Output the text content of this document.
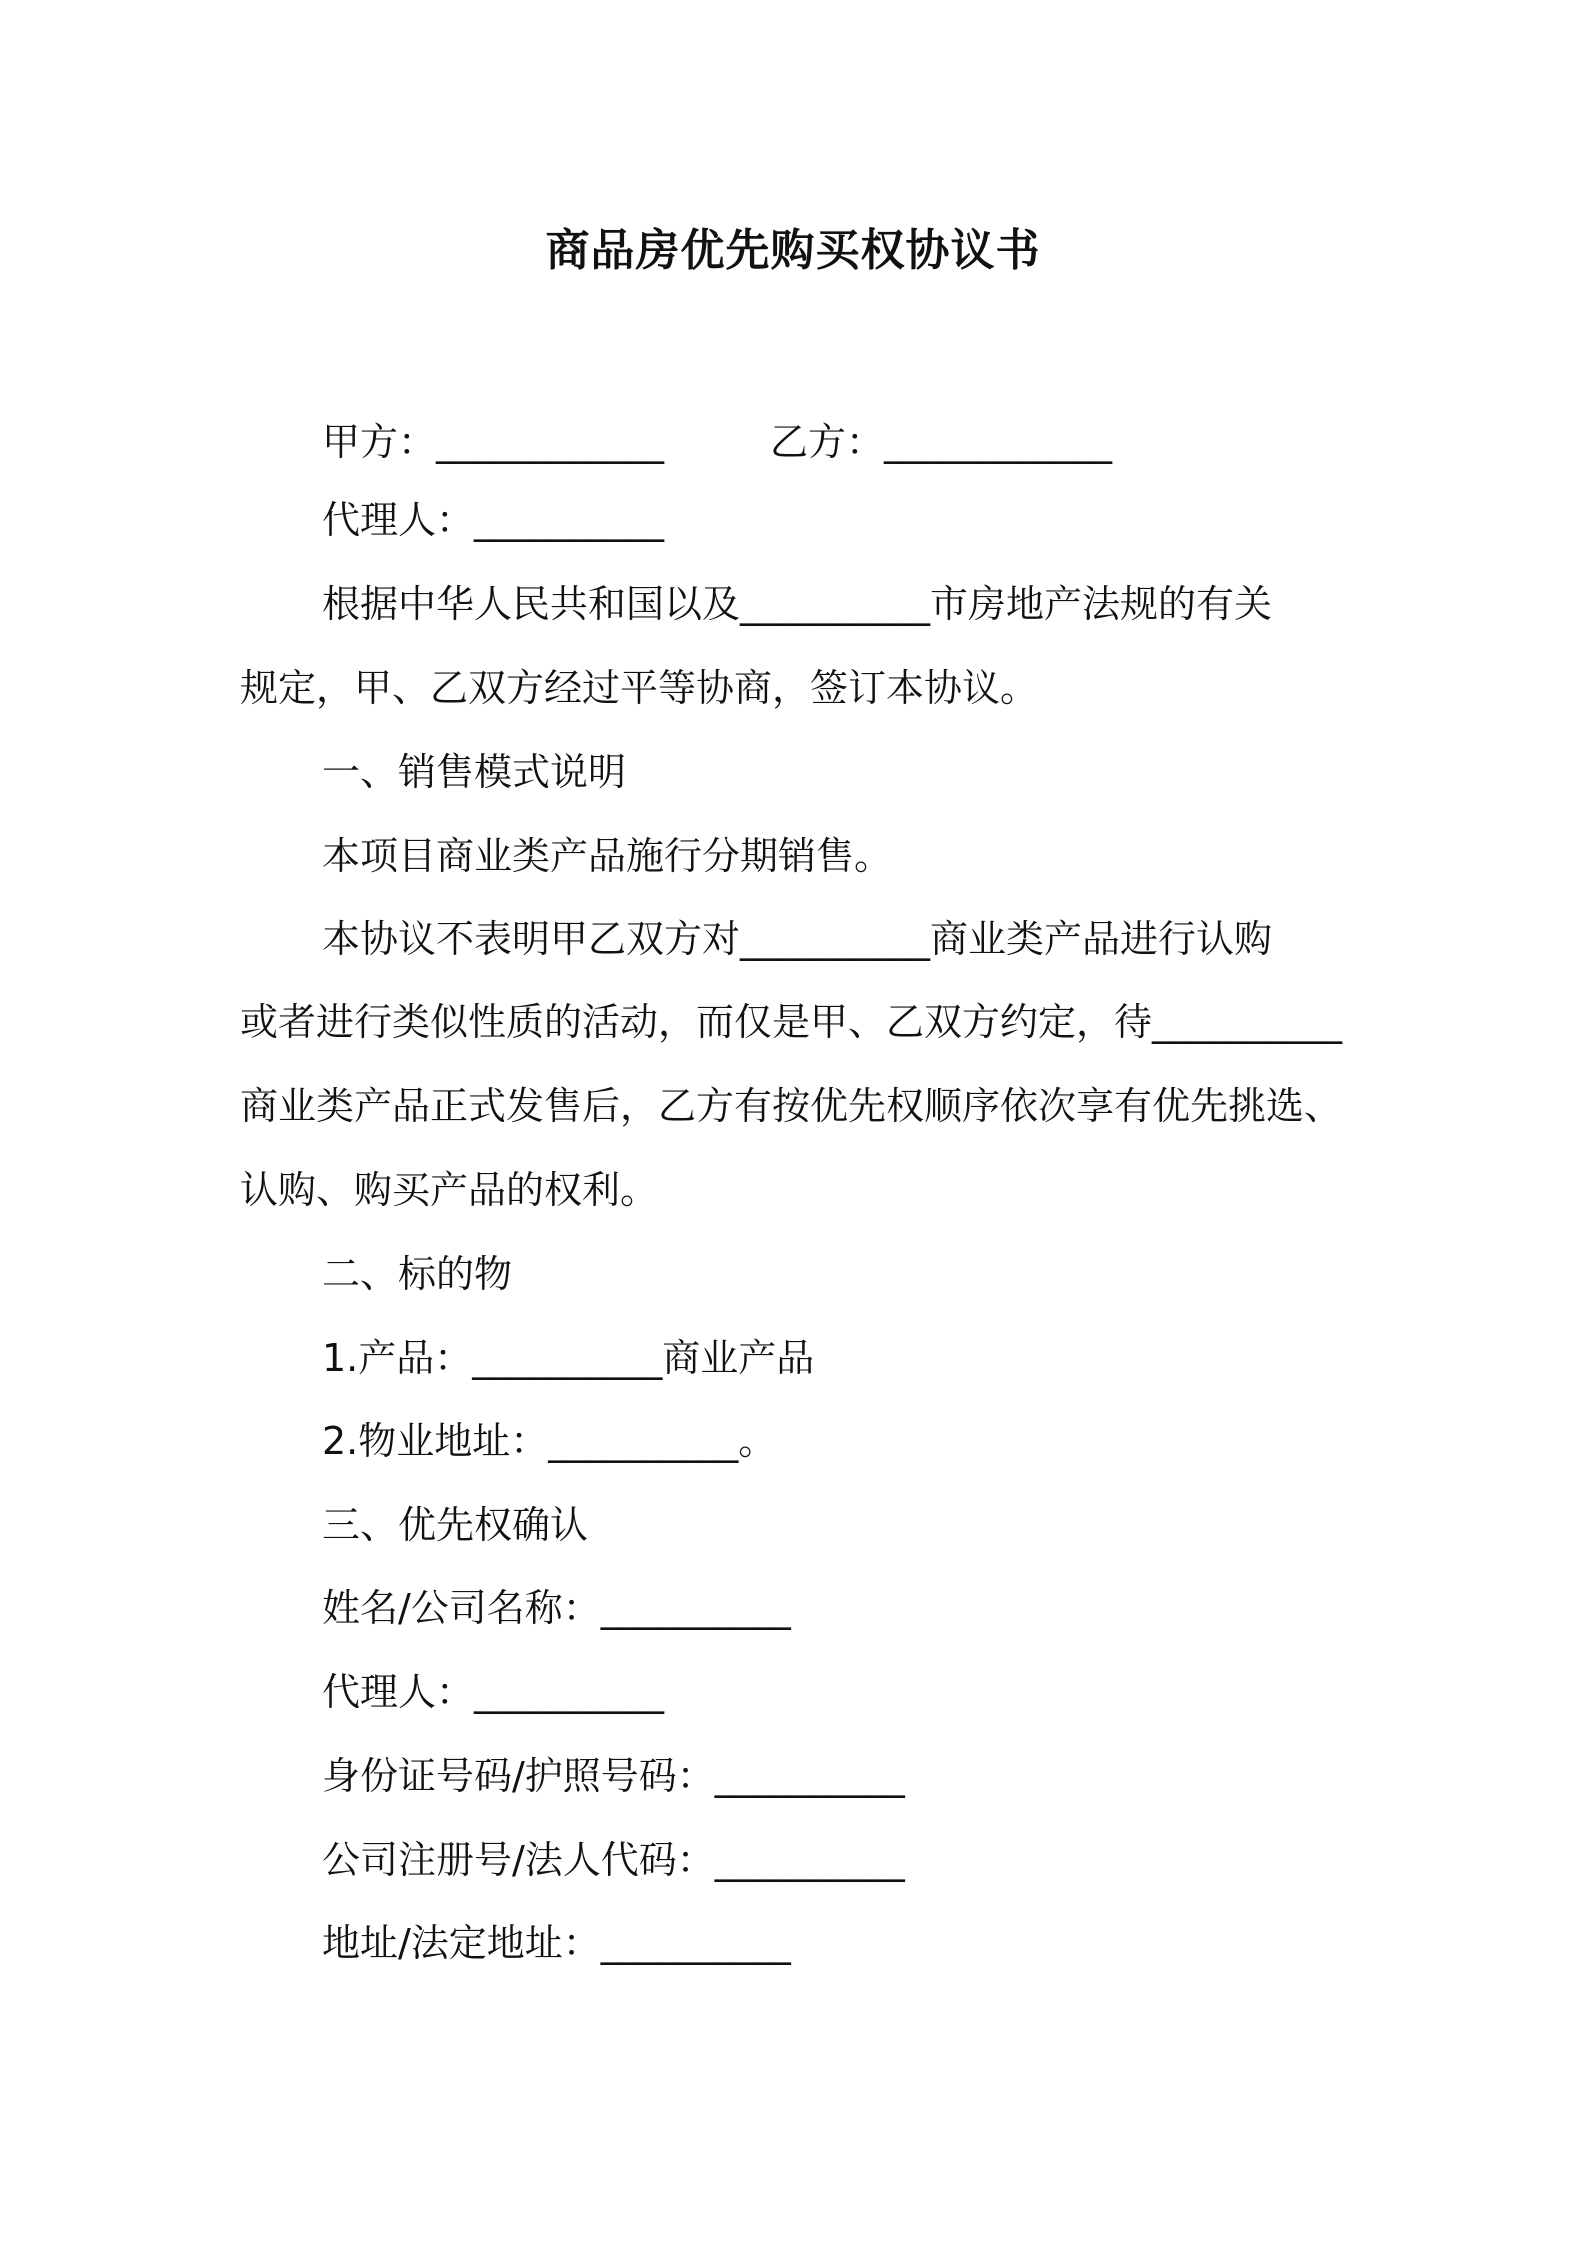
商品房优先购买权协议书
甲方：____________	乙方：____________
代理人：__________
根据中华人民共和国以及__________市房地产法规的有关
规定，甲、乙双方经过平等协商，签订本协议。
一、销售模式说明
本项目商业类产品施行分期销售。
本协议不表明甲乙双方对__________商业类产品进行认购
或者进行类似性质的活动，而仅是甲、乙双方约定，待__________
商业类产品正式发售后，乙方有按优先权顺序依次享有优先挑选、
认购、购买产品的权利。
二、标的物
1.产品：__________商业产品
2.物业地址：__________。
三、优先权确认
姓名/公司名称：__________
代理人：__________
身份证号码/护照号码：__________
公司注册号/法人代码：__________
地址/法定地址：__________
